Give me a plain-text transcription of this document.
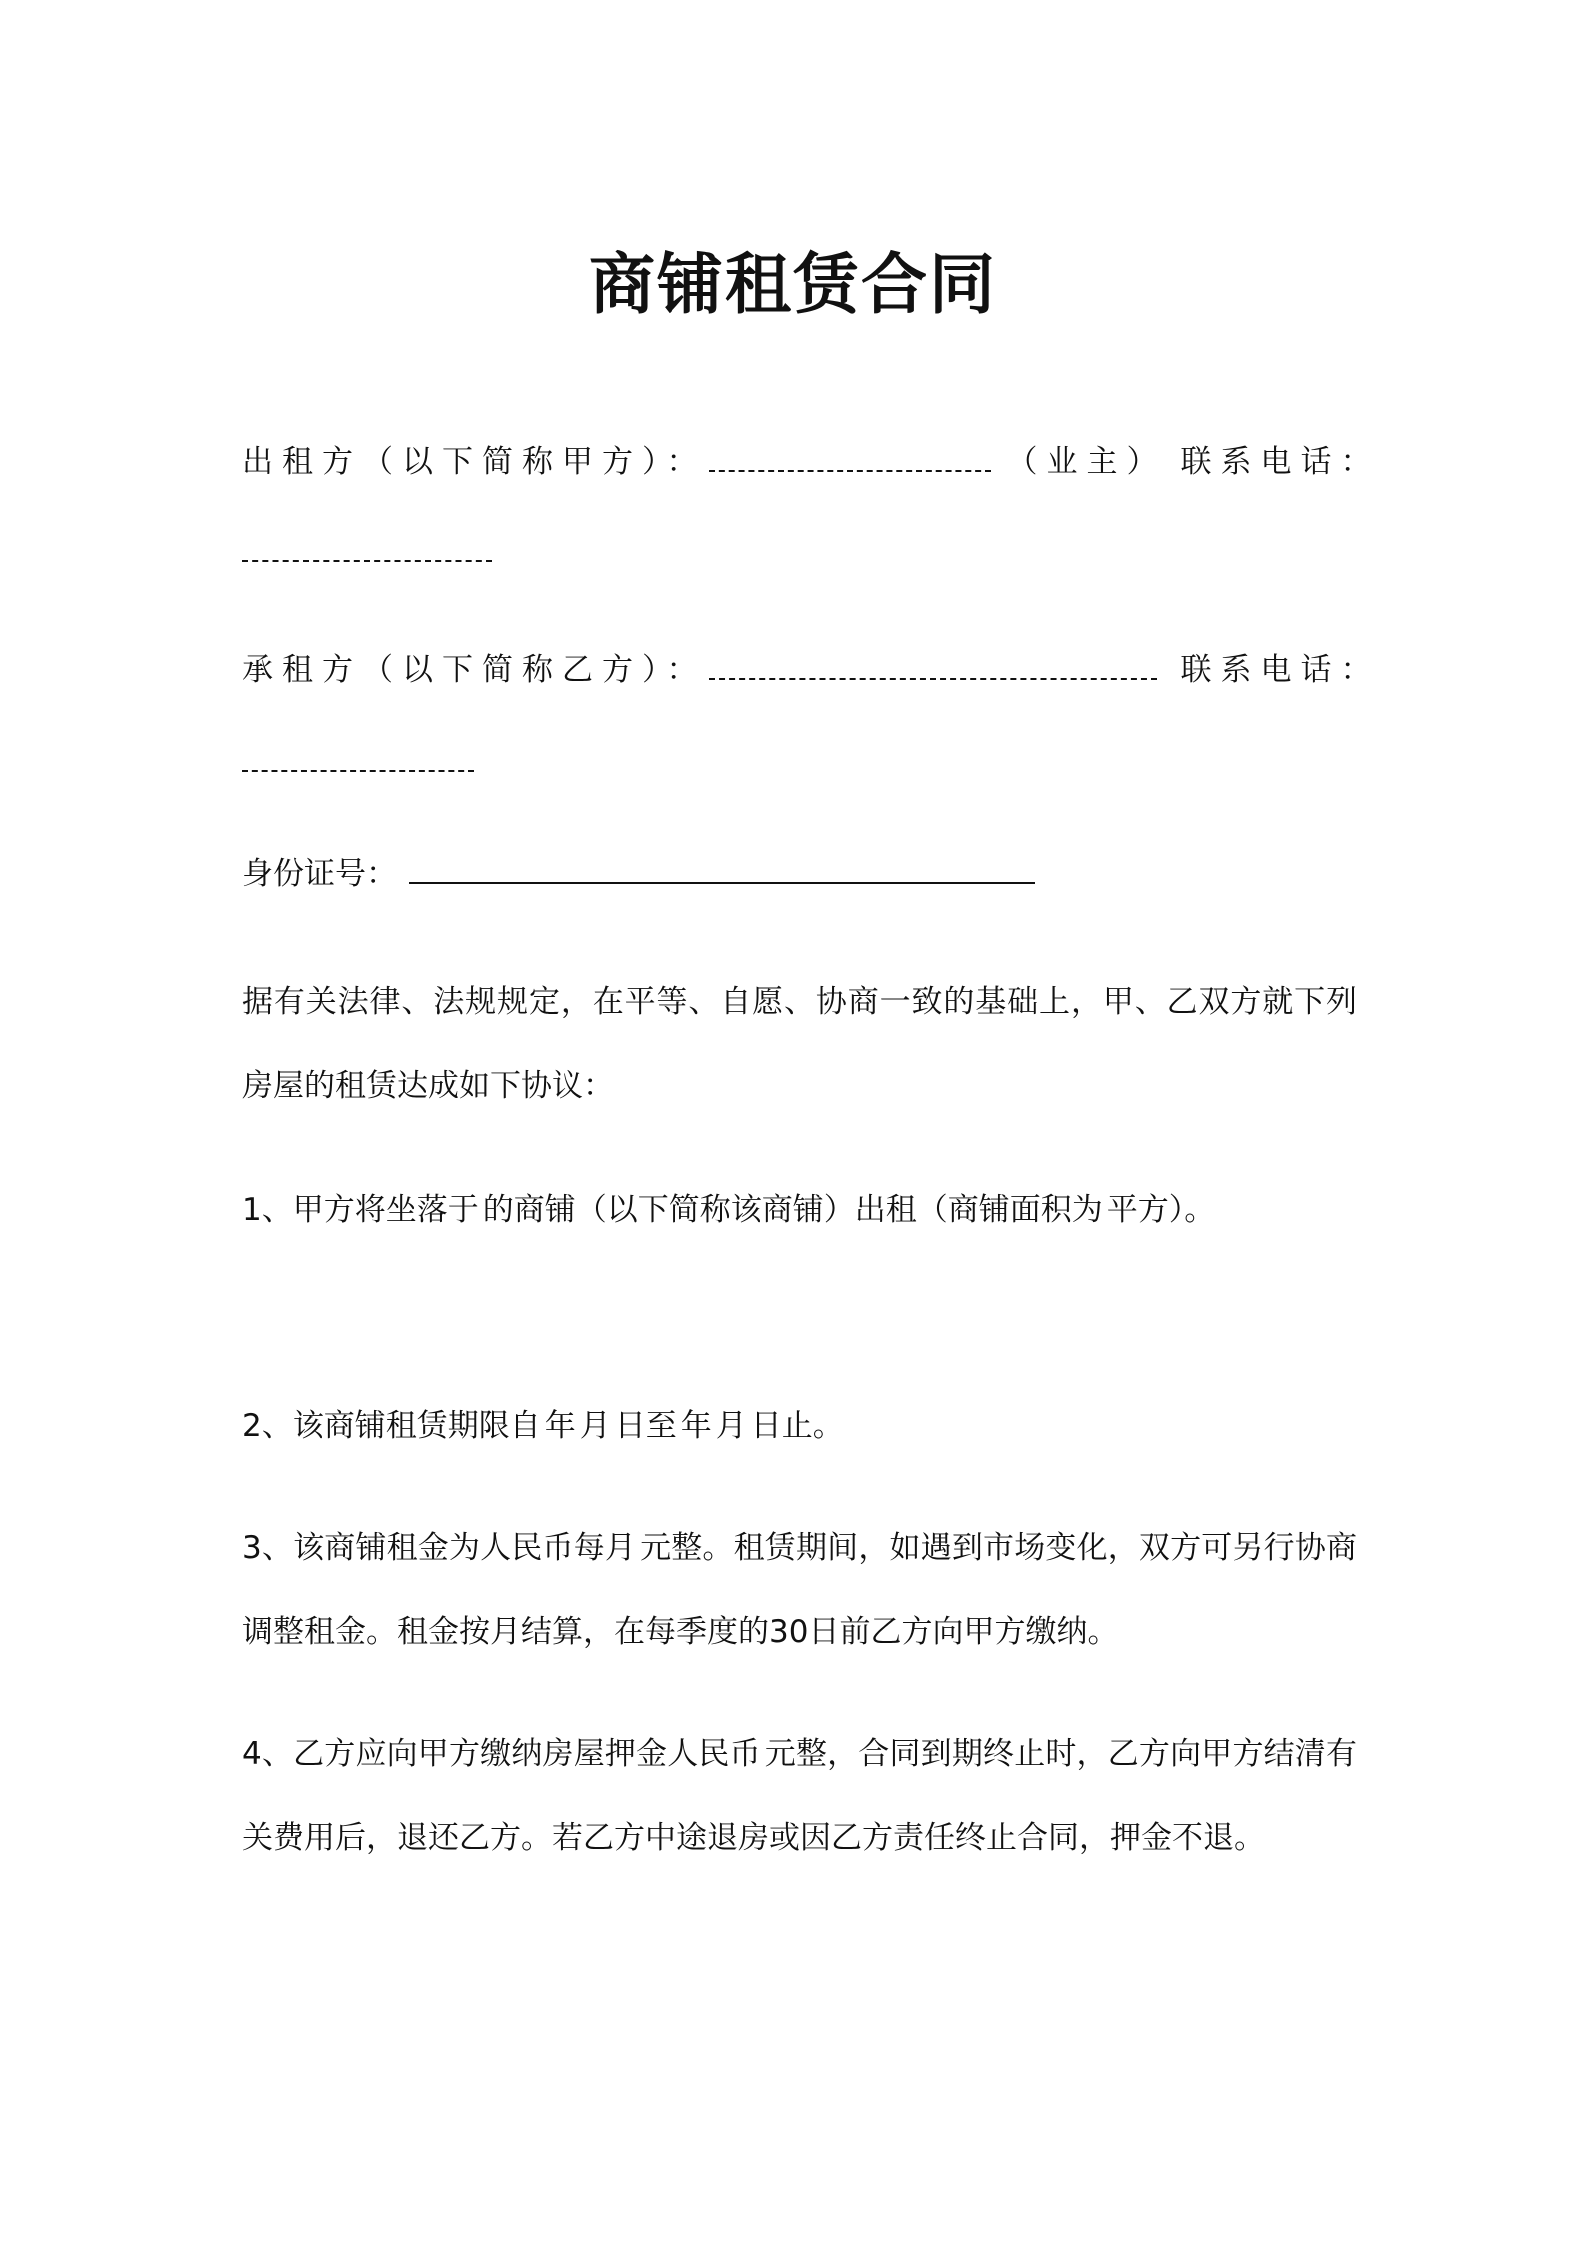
商铺租赁合同
出租方（以下简称甲方）：	（业主） 联系电话：
承租方（以下简称乙方）：	联系电话：
身份证号：
据有关法律、法规规定，在平等、自愿、协商一致的基础上，甲、乙双方就下列房屋的租赁达成如下协议：
1、甲方将坐落于 的商铺（以下简称该商铺）出租（商铺面积为 平方）。
2、该商铺租赁期限自 年 月 日至 年 月 日止。
3、该商铺租金为人民币每月 元整。租赁期间，如遇到市场变化，双方可另行协商调整租金。租金按月结算，在每季度的30日前乙方向甲方缴纳。
4、乙方应向甲方缴纳房屋押金人民币 元整，合同到期终止时，乙方向甲方结清有关费用后，退还乙方。若乙方中途退房或因乙方责任终止合同，押金不退。
